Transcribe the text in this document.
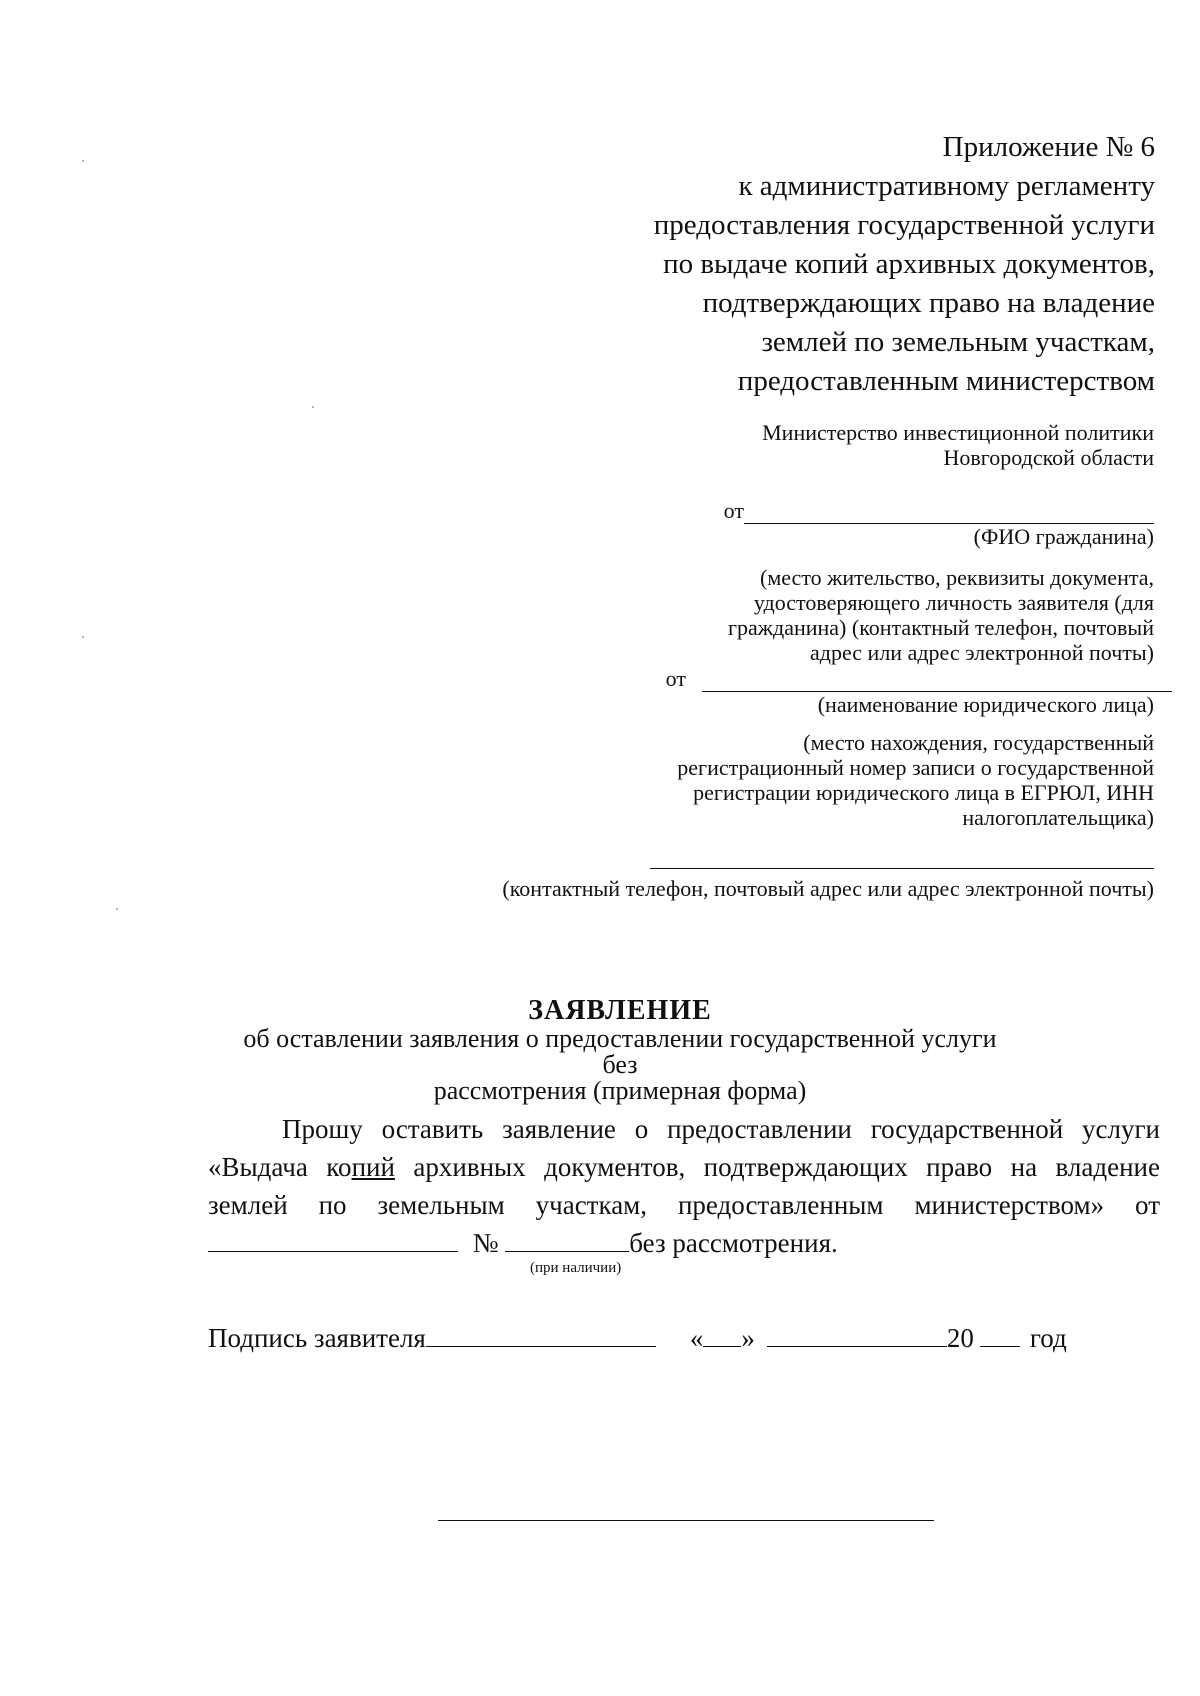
Приложение № 6
к административному регламенту
предоставления государственной услуги
по выдаче копий архивных документов,
подтверждающих право на владение
землей по земельным участкам,
предоставленным министерством
Министерство инвестиционной политики
Новгородской области
от
(ФИО гражданина)
(место жительство, реквизиты документа,
удостоверяющего личность заявителя (для
гражданина) (контактный телефон, почтовый
адрес или адрес электронной почты)
от
(наименование юридического лица)
(место нахождения, государственный
регистрационный номер записи о государственной
регистрации юридического лица в ЕГРЮЛ, ИНН
налогоплательщика)
(контактный телефон, почтовый адрес или адрес электронной почты)
ЗАЯВЛЕНИЕ
об оставлении заявления о предоставлении государственной услуги без
рассмотрения (примерная форма)
Прошу оставить заявление о предоставлении государственной услуги
«Выдача копий архивных документов, подтверждающих право на владение
землей по земельным участкам, предоставленным министерством» от
№	без рассмотрения.
(при наличии)
Подпись заявителя	« »	20 год
